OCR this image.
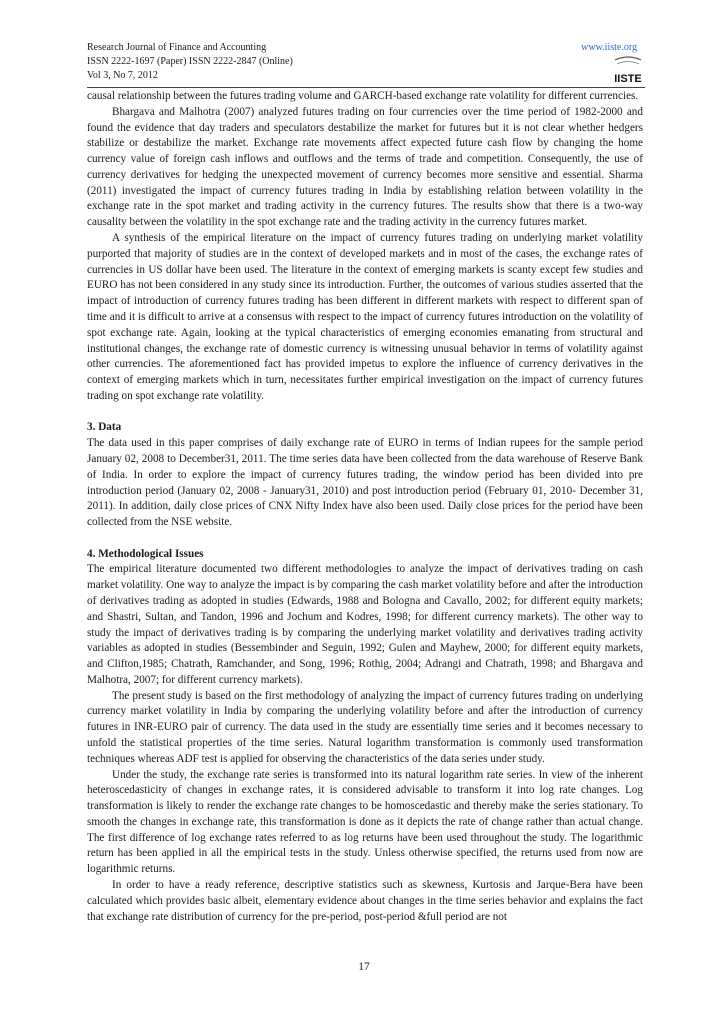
Research Journal of Finance and Accounting
ISSN 2222-1697 (Paper) ISSN 2222-2847 (Online)
Vol 3, No 7, 2012
www.iiste.org
IISTE

causal relationship between the futures trading volume and GARCH-based exchange rate volatility for different currencies.

Bhargava and Malhotra (2007) analyzed futures trading on four currencies over the time period of 1982-2000 and found the evidence that day traders and speculators destabilize the market for futures but it is not clear whether hedgers stabilize or destabilize the market. Exchange rate movements affect expected future cash flow by changing the home currency value of foreign cash inflows and outflows and the terms of trade and competition. Consequently, the use of currency derivatives for hedging the unexpected movement of currency becomes more sensitive and essential. Sharma (2011) investigated the impact of currency futures trading in India by establishing relation between volatility in the exchange rate in the spot market and trading activity in the currency futures. The results show that there is a two-way causality between the volatility in the spot exchange rate and the trading activity in the currency futures market.

A synthesis of the empirical literature on the impact of currency futures trading on underlying market volatility purported that majority of studies are in the context of developed markets and in most of the cases, the exchange rates of currencies in US dollar have been used. The literature in the context of emerging markets is scanty except few studies and EURO has not been considered in any study since its introduction. Further, the outcomes of various studies asserted that the impact of introduction of currency futures trading has been different in different markets with respect to different span of time and it is difficult to arrive at a consensus with respect to the impact of currency futures introduction on the volatility of spot exchange rate. Again, looking at the typical characteristics of emerging economies emanating from structural and institutional changes, the exchange rate of domestic currency is witnessing unusual behavior in terms of volatility against other currencies. The aforementioned fact has provided impetus to explore the influence of currency derivatives in the context of emerging markets which in turn, necessitates further empirical investigation on the impact of currency futures trading on spot exchange rate volatility.

3. Data

The data used in this paper comprises of daily exchange rate of EURO in terms of Indian rupees for the sample period January 02, 2008 to December31, 2011. The time series data have been collected from the data warehouse of Reserve Bank of India. In order to explore the impact of currency futures trading, the window period has been divided into pre introduction period (January 02, 2008 - January31, 2010) and post introduction period (February 01, 2010- December 31, 2011). In addition, daily close prices of CNX Nifty Index have also been used. Daily close prices for the period have been collected from the NSE website.

4. Methodological Issues

The empirical literature documented two different methodologies to analyze the impact of derivatives trading on cash market volatility. One way to analyze the impact is by comparing the cash market volatility before and after the introduction of derivatives trading as adopted in studies (Edwards, 1988 and Bologna and Cavallo, 2002; for different equity markets; and Shastri, Sultan, and Tandon, 1996 and Jochum and Kodres, 1998; for different currency markets). The other way to study the impact of derivatives trading is by comparing the underlying market volatility and derivatives trading activity variables as adopted in studies (Bessembinder and Seguin, 1992; Gulen and Mayhew, 2000; for different equity markets, and Clifton,1985; Chatrath, Ramchander, and Song, 1996; Rothig, 2004; Adrangi and Chatrath, 1998; and Bhargava and Malhotra, 2007; for different currency markets).

The present study is based on the first methodology of analyzing the impact of currency futures trading on underlying currency market volatility in India by comparing the underlying volatility before and after the introduction of currency futures in INR-EURO pair of currency. The data used in the study are essentially time series and it becomes necessary to unfold the statistical properties of the time series. Natural logarithm transformation is commonly used transformation techniques whereas ADF test is applied for observing the characteristics of the data series under study.

Under the study, the exchange rate series is transformed into its natural logarithm rate series. In view of the inherent heteroscedasticity of changes in exchange rates, it is considered advisable to transform it into log rate changes. Log transformation is likely to render the exchange rate changes to be homoscedastic and thereby make the series stationary. To smooth the changes in exchange rate, this transformation is done as it depicts the rate of change rather than actual change. The first difference of log exchange rates referred to as log returns have been used throughout the study. The logarithmic return has been applied in all the empirical tests in the study. Unless otherwise specified, the returns used from now are logarithmic returns.

In order to have a ready reference, descriptive statistics such as skewness, Kurtosis and Jarque-Bera have been calculated which provides basic albeit, elementary evidence about changes in the time series behavior and explains the fact that exchange rate distribution of currency for the pre-period, post-period &full period are not

17
